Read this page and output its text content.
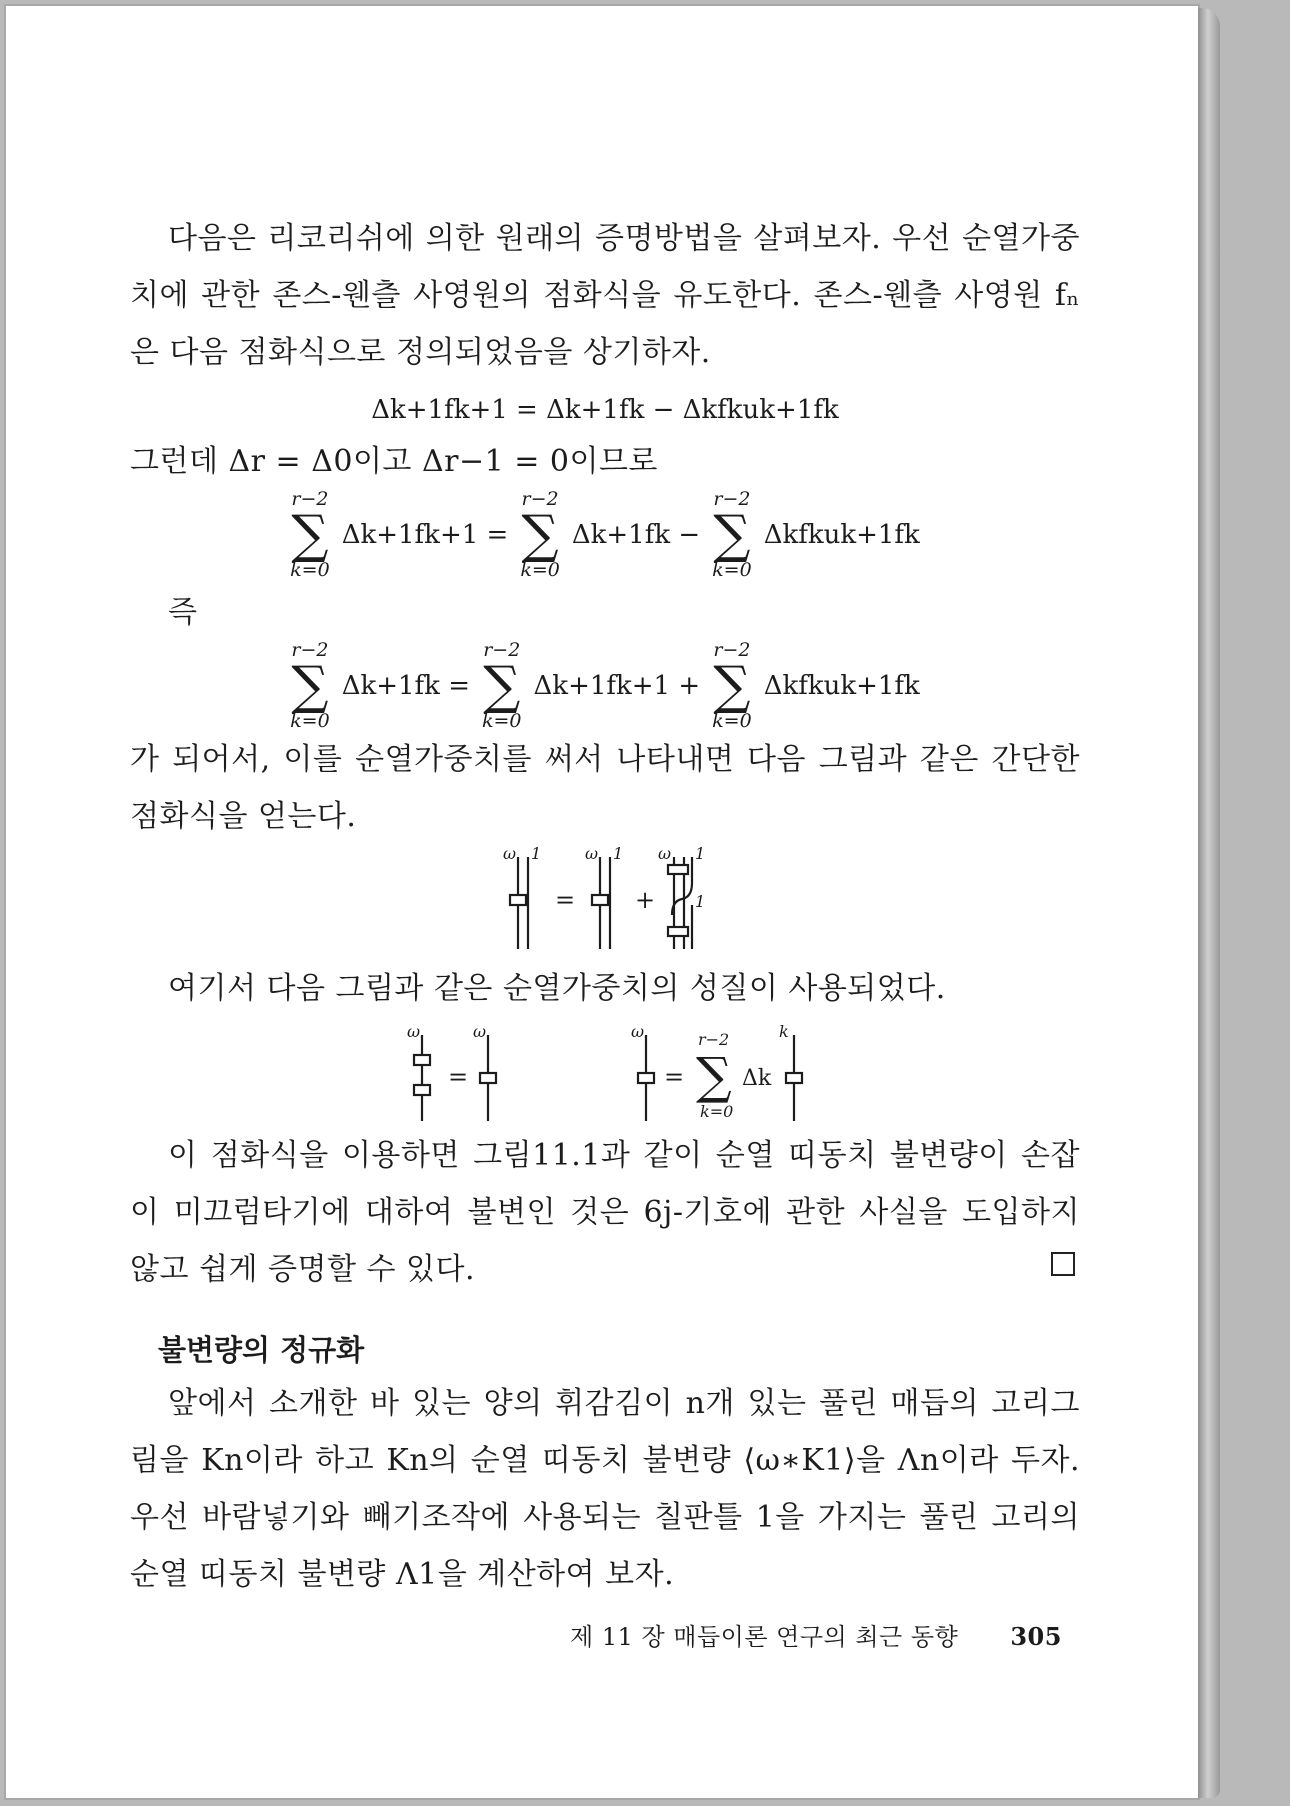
다음은 리코리쉬에 의한 원래의 증명방법을 살펴보자. 우선 순열가중치에 관한 존스-웬츨 사영원의 점화식을 유도한다. 존스-웬츨 사영원 fₙ은 다음 점화식으로 정의되었음을 상기하자.

Δk+1fk+1 = Δk+1fk − Δkfkuk+1fk

그런데 Δr = Δ0이고 Δr−1 = 0이므로

r−2
∑
k=0
Δk+1fk+1 =
r−2
∑
k=0
Δk+1fk −
r−2
∑
k=0
Δkfkuk+1fk

즉

r−2
∑
k=0
Δk+1fk =
r−2
∑
k=0
Δk+1fk+1 +
r−2
∑
k=0
Δkfkuk+1fk

가 되어서, 이를 순열가중치를 써서 나타내면 다음 그림과 같은 간단한 점화식을 얻는다.

ω 1	ω 1 ω 1
1
= +

여기서 다음 그림과 같은 순열가중치의 성질이 사용되었다.

ω	ω	ω	k
r−2
k=0
=	= ∑ Δk

이 점화식을 이용하면 그림11.1과 같이 순열 띠동치 불변량이 손잡이 미끄럼타기에 대하여 불변인 것은 6j-기호에 관한 사실을 도입하지 않고 쉽게 증명할 수 있다.

불변량의 정규화

앞에서 소개한 바 있는 양의 휘감김이 n개 있는 풀린 매듭의 고리그림을 Kn이라 하고 Kn의 순열 띠동치 불변량 ⟨ω∗K1⟩을 Λn이라 두자. 우선 바람넣기와 빼기조작에 사용되는 칠판틀 1을 가지는 풀린 고리의 순열 띠동치 불변량 Λ1을 계산하여 보자.

제 11 장 매듭이론 연구의 최근 동향 305
